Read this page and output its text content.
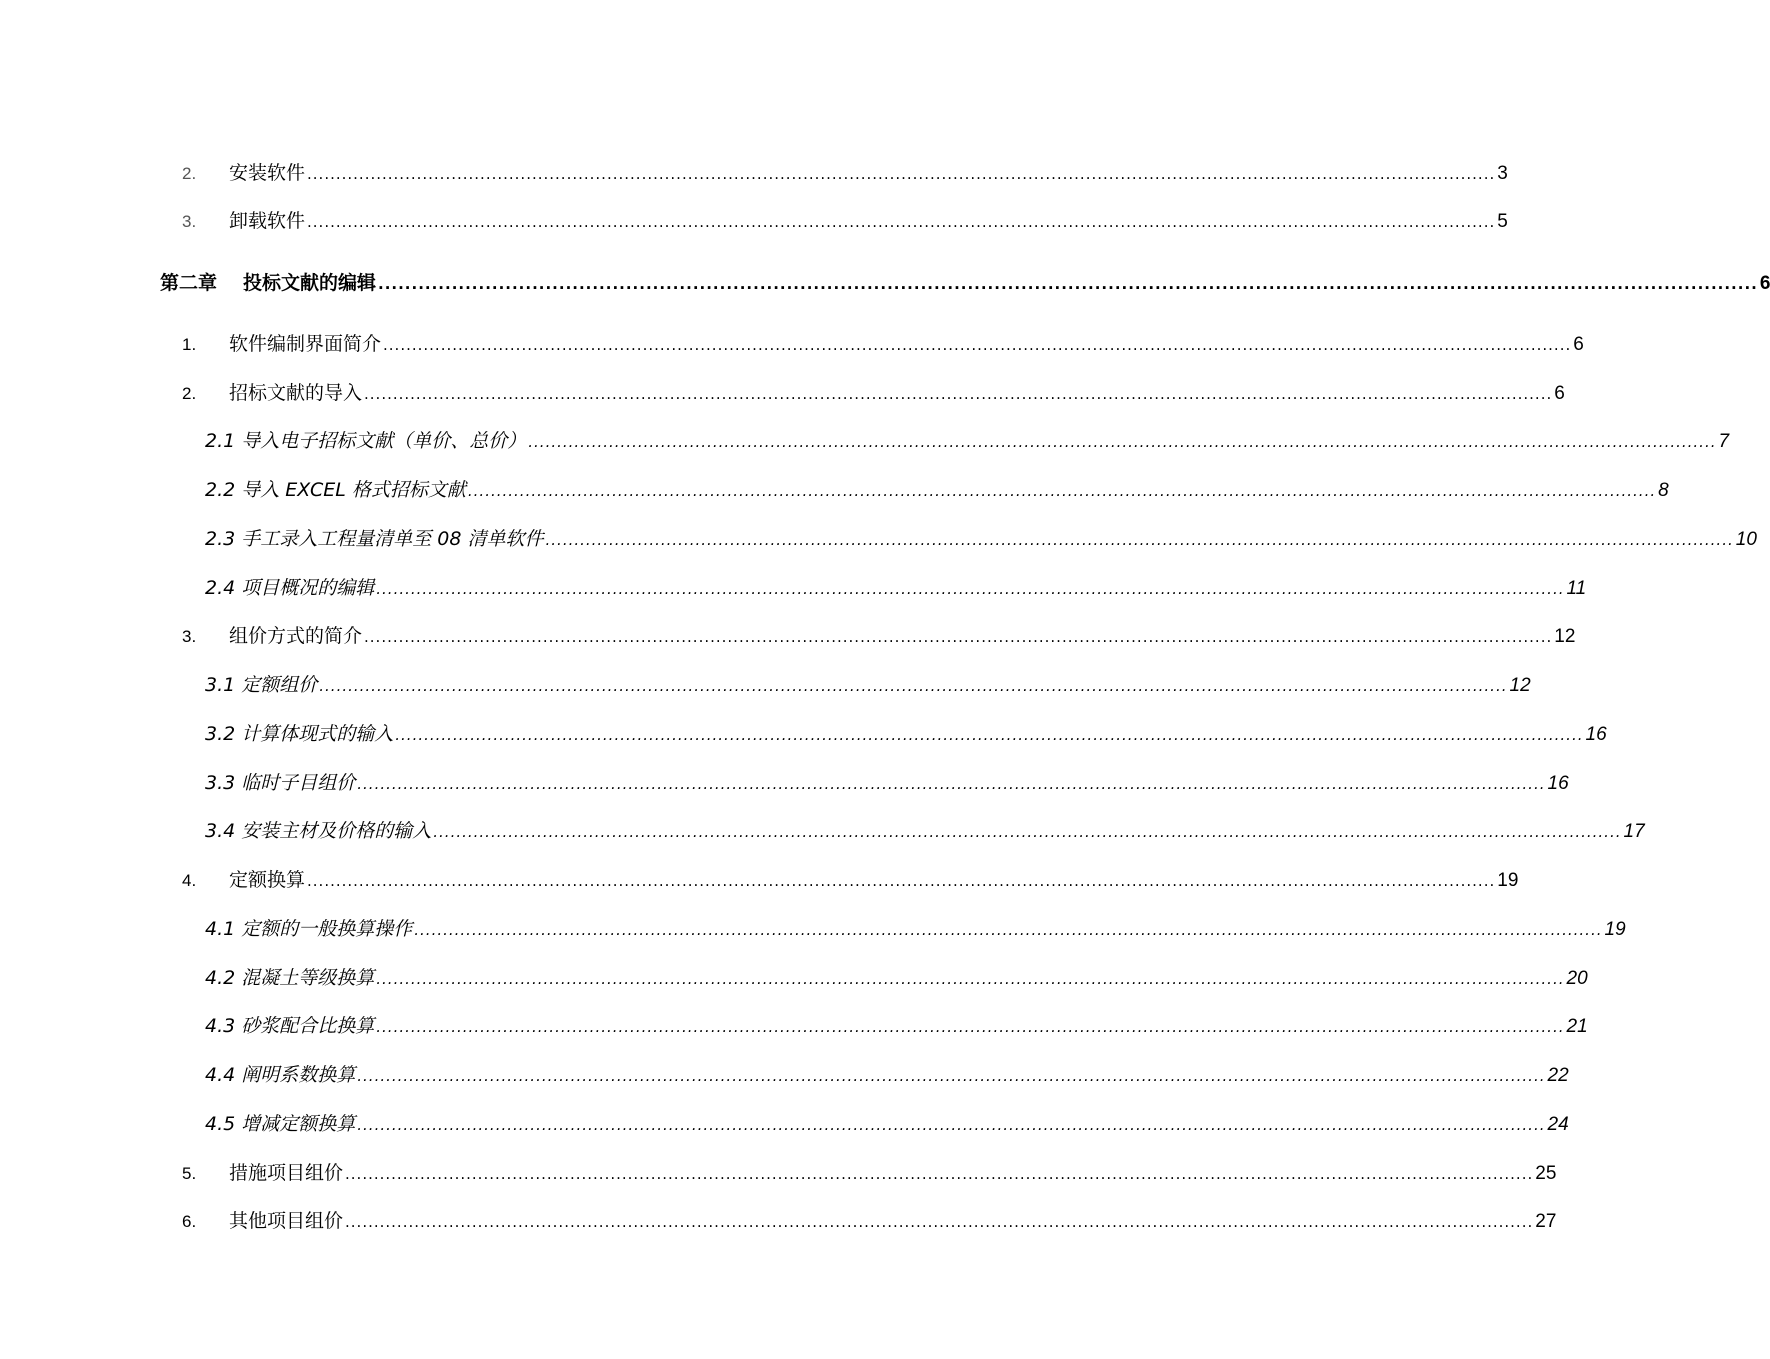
2.	安装软件 .............................................................................................................................................................................................................. 3
3.	卸载软件 .............................................................................................................................................................................................................. 5
第二章	投标文献的编辑 .............................................................................................................................................................................................................. 6
1.	软件编制界面简介 .............................................................................................................................................................................................................. 6
2.	招标文献的导入 .............................................................................................................................................................................................................. 6
2.1 导入电子招标文献（单价、总价） .............................................................................................................................................................................................................. 7
2.2 导入 EXCEL 格式招标文献 .............................................................................................................................................................................................................. 8
2.3 手工录入工程量清单至 08 清单软件 .............................................................................................................................................................................................................. 10
2.4 项目概况的编辑 .............................................................................................................................................................................................................. 11
3.	组价方式的简介 .............................................................................................................................................................................................................. 12
3.1 定额组价 .............................................................................................................................................................................................................. 12
3.2 计算体现式的输入 .............................................................................................................................................................................................................. 16
3.3 临时子目组价 .............................................................................................................................................................................................................. 16
3.4 安装主材及价格的输入 .............................................................................................................................................................................................................. 17
4.	定额换算 .............................................................................................................................................................................................................. 19
4.1 定额的一般换算操作 .............................................................................................................................................................................................................. 19
4.2 混凝土等级换算 .............................................................................................................................................................................................................. 20
4.3 砂浆配合比换算 .............................................................................................................................................................................................................. 21
4.4 阐明系数换算 .............................................................................................................................................................................................................. 22
4.5 增减定额换算 .............................................................................................................................................................................................................. 24
5.	措施项目组价 .............................................................................................................................................................................................................. 25
6.	其他项目组价 .............................................................................................................................................................................................................. 27
